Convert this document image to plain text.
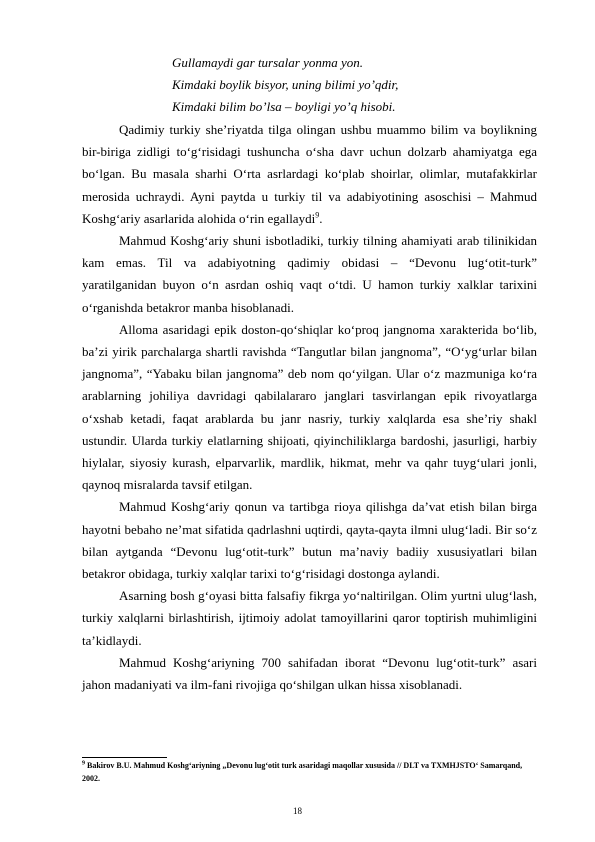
Gullamaydi gar tursalar yonma yon.
Kimdaki boylik bisyor, uning bilimi yo’qdir,
Kimdaki bilim bo’lsa – boyligi yo’q hisobi.

Qadimiy turkiy she’riyatda tilga olingan ushbu muammo bilim va boylikning bir-biriga zidligi to‘g‘risidagi tushuncha o‘sha davr uchun dolzarb ahamiyatga ega bo‘lgan. Bu masala sharhi O‘rta asrlardagi ko‘plab shoirlar, olimlar, mutafakkirlar merosida uchraydi. Ayni paytda u turkiy til va adabiyotining asoschisi – Mahmud Koshg‘ariy asarlarida alohida o‘rin egallaydi$^9$.

Mahmud Koshg‘ariy shuni isbotladiki, turkiy tilning ahamiyati arab tilinikidan kam emas. Til va adabiyotning qadimiy obidasi – “Devonu lug‘otit-turk” yaratilganidan buyon o‘n asrdan oshiq vaqt o‘tdi. U hamon turkiy xalklar tarixini o‘rganishda betakror manba hisoblanadi.

Alloma asaridagi epik doston-qo‘shiqlar ko‘proq jangnoma xarakterida bo‘lib, ba’zi yirik parchalarga shartli ravishda “Tangutlar bilan jangnoma”, “O‘yg‘urlar bilan jangnoma”, “Yabaku bilan jangnoma” deb nom qo‘yilgan. Ular o‘z mazmuniga ko‘ra arablarning johiliya davridagi qabilalararo janglari tasvirlangan epik rivoyatlarga o‘xshab ketadi, faqat arablarda bu janr nasriy, turkiy xalqlarda esa she’riy shakl ustundir. Ularda turkiy elatlarning shijoati, qiyinchiliklarga bardoshi, jasurligi, harbiy hiylalar, siyosiy kurash, elparvarlik, mardlik, hikmat, mehr va qahr tuyg‘ulari jonli, qaynoq misralarda tavsif etilgan.

Mahmud Koshg‘ariy qonun va tartibga rioya qilishga da’vat etish bilan birga hayotni bebaho ne’mat sifatida qadrlashni uqtirdi, qayta-qayta ilmni ulug‘ladi. Bir so‘z bilan aytganda “Devonu lug‘otit-turk” butun ma’naviy badiiy xususiyatlari bilan betakror obidaga, turkiy xalqlar tarixi to‘g‘risidagi dostonga aylandi.

Asarning bosh g‘oyasi bitta falsafiy fikrga yo‘naltirilgan. Olim yurtni ulug‘lash, turkiy xalqlarni birlashtirish, ijtimoiy adolat tamoyillarini qaror toptirish muhimligini ta’kidlaydi.

Mahmud Koshg‘ariyning 700 sahifadan iborat “Devonu lug‘otit-turk” asari jahon madaniyati va ilm-fani rivojiga qo‘shilgan ulkan hissa xisoblanadi.

$^9$ Bakirov B.U. Mahmud Koshg‘ariyning „Devonu lug‘otit turk asaridagi maqollar xususida // DLT va TXMHJSTO‘ Samarqand, 2002.

18
